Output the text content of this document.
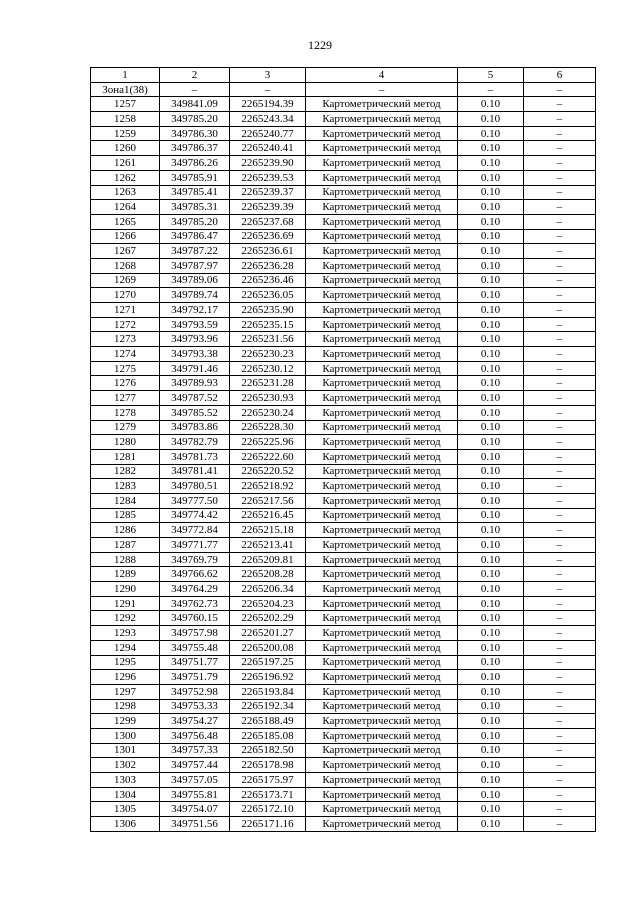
1229
1	2	3	4	5	6
Зона1(38)	–	–	–	–	–
1257	349841.09	2265194.39	Картометрический метод	0.10	–
1258	349785.20	2265243.34	Картометрический метод	0.10	–
1259	349786.30	2265240.77	Картометрический метод	0.10	–
1260	349786.37	2265240.41	Картометрический метод	0.10	–
1261	349786.26	2265239.90	Картометрический метод	0.10	–
1262	349785.91	2265239.53	Картометрический метод	0.10	–
1263	349785.41	2265239.37	Картометрический метод	0.10	–
1264	349785.31	2265239.39	Картометрический метод	0.10	–
1265	349785.20	2265237.68	Картометрический метод	0.10	–
1266	349786.47	2265236.69	Картометрический метод	0.10	–
1267	349787.22	2265236.61	Картометрический метод	0.10	–
1268	349787.97	2265236.28	Картометрический метод	0.10	–
1269	349789.06	2265236.46	Картометрический метод	0.10	–
1270	349789.74	2265236.05	Картометрический метод	0.10	–
1271	349792.17	2265235.90	Картометрический метод	0.10	–
1272	349793.59	2265235.15	Картометрический метод	0.10	–
1273	349793.96	2265231.56	Картометрический метод	0.10	–
1274	349793.38	2265230.23	Картометрический метод	0.10	–
1275	349791.46	2265230.12	Картометрический метод	0.10	–
1276	349789.93	2265231.28	Картометрический метод	0.10	–
1277	349787.52	2265230.93	Картометрический метод	0.10	–
1278	349785.52	2265230.24	Картометрический метод	0.10	–
1279	349783.86	2265228.30	Картометрический метод	0.10	–
1280	349782.79	2265225.96	Картометрический метод	0.10	–
1281	349781.73	2265222.60	Картометрический метод	0.10	–
1282	349781.41	2265220.52	Картометрический метод	0.10	–
1283	349780.51	2265218.92	Картометрический метод	0.10	–
1284	349777.50	2265217.56	Картометрический метод	0.10	–
1285	349774.42	2265216.45	Картометрический метод	0.10	–
1286	349772.84	2265215.18	Картометрический метод	0.10	–
1287	349771.77	2265213.41	Картометрический метод	0.10	–
1288	349769.79	2265209.81	Картометрический метод	0.10	–
1289	349766.62	2265208.28	Картометрический метод	0.10	–
1290	349764.29	2265206.34	Картометрический метод	0.10	–
1291	349762.73	2265204.23	Картометрический метод	0.10	–
1292	349760.15	2265202.29	Картометрический метод	0.10	–
1293	349757.98	2265201.27	Картометрический метод	0.10	–
1294	349755.48	2265200.08	Картометрический метод	0.10	–
1295	349751.77	2265197.25	Картометрический метод	0.10	–
1296	349751.79	2265196.92	Картометрический метод	0.10	–
1297	349752.98	2265193.84	Картометрический метод	0.10	–
1298	349753.33	2265192.34	Картометрический метод	0.10	–
1299	349754.27	2265188.49	Картометрический метод	0.10	–
1300	349756.48	2265185.08	Картометрический метод	0.10	–
1301	349757.33	2265182.50	Картометрический метод	0.10	–
1302	349757.44	2265178.98	Картометрический метод	0.10	–
1303	349757.05	2265175.97	Картометрический метод	0.10	–
1304	349755.81	2265173.71	Картометрический метод	0.10	–
1305	349754.07	2265172.10	Картометрический метод	0.10	–
1306	349751.56	2265171.16	Картометрический метод	0.10	–
